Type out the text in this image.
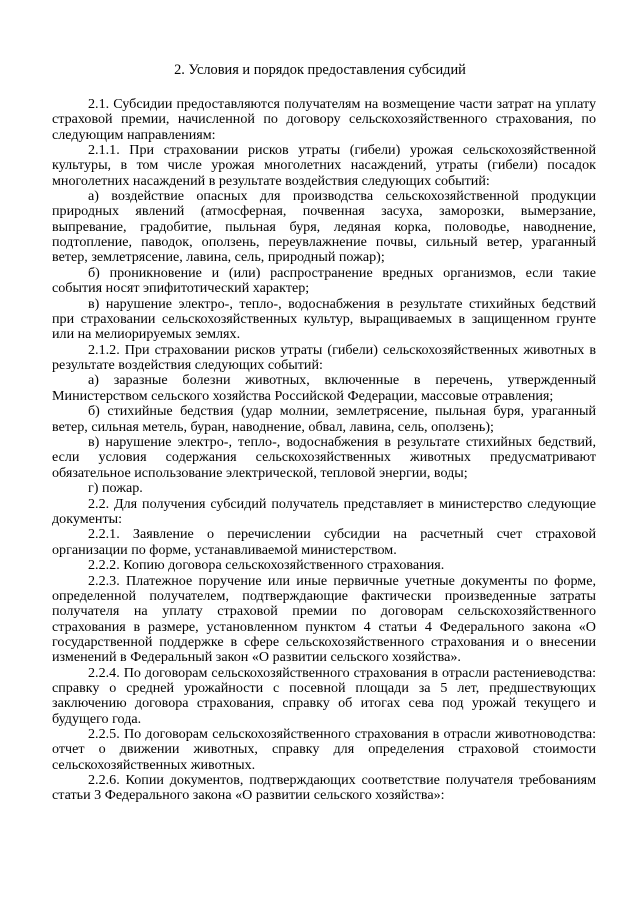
2. Условия и порядок предоставления субсидий

2.1. Субсидии предоставляются получателям на возмещение части затрат на уплату страховой премии, начисленной по договору сельскохозяйственного страхования, по следующим направлениям:

2.1.1. При страховании рисков утраты (гибели) урожая сельскохозяйственной культуры, в том числе урожая многолетних насаждений, утраты (гибели) посадок многолетних насаждений в результате воздействия следующих событий:

а) воздействие опасных для производства сельскохозяйственной продукции природных явлений (атмосферная, почвенная засуха, заморозки, вымерзание, выпревание, градобитие, пыльная буря, ледяная корка, половодье, наводнение, подтопление, паводок, оползень, переувлажнение почвы, сильный ветер, ураганный ветер, землетрясение, лавина, сель, природный пожар);

б) проникновение и (или) распространение вредных организмов, если такие события носят эпифитотический характер;

в) нарушение электро-, тепло-, водоснабжения в результате стихийных бедствий при страховании сельскохозяйственных культур, выращиваемых в защищенном грунте или на мелиорируемых землях.

2.1.2. При страховании рисков утраты (гибели) сельскохозяйственных животных в результате воздействия следующих событий:

а) заразные болезни животных, включенные в перечень, утвержденный Министерством сельского хозяйства Российской Федерации, массовые отравления;

б) стихийные бедствия (удар молнии, землетрясение, пыльная буря, ураганный ветер, сильная метель, буран, наводнение, обвал, лавина, сель, оползень);

в) нарушение электро-, тепло-, водоснабжения в результате стихийных бедствий, если условия содержания сельскохозяйственных животных предусматривают обязательное использование электрической, тепловой энергии, воды;

г) пожар.

2.2. Для получения субсидий получатель представляет в министерство следующие документы:

2.2.1. Заявление о перечислении субсидии на расчетный счет страховой организации по форме, устанавливаемой министерством.

2.2.2. Копию договора сельскохозяйственного страхования.

2.2.3. Платежное поручение или иные первичные учетные документы по форме, определенной получателем, подтверждающие фактически произведенные затраты получателя на уплату страховой премии по договорам сельскохозяйственного страхования в размере, установленном пунктом 4 статьи 4 Федерального закона «О государственной поддержке в сфере сельскохозяйственного страхования и о внесении изменений в Федеральный закон «О развитии сельского хозяйства».

2.2.4. По договорам сельскохозяйственного страхования в отрасли растениеводства: справку о средней урожайности с посевной площади за 5 лет, предшествующих заключению договора страхования, справку об итогах сева под урожай текущего и будущего года.

2.2.5. По договорам сельскохозяйственного страхования в отрасли животноводства: отчет о движении животных, справку для определения страховой стоимости сельскохозяйственных животных.

2.2.6. Копии документов, подтверждающих соответствие получателя требованиям статьи 3 Федерального закона «О развитии сельского хозяйства»:
